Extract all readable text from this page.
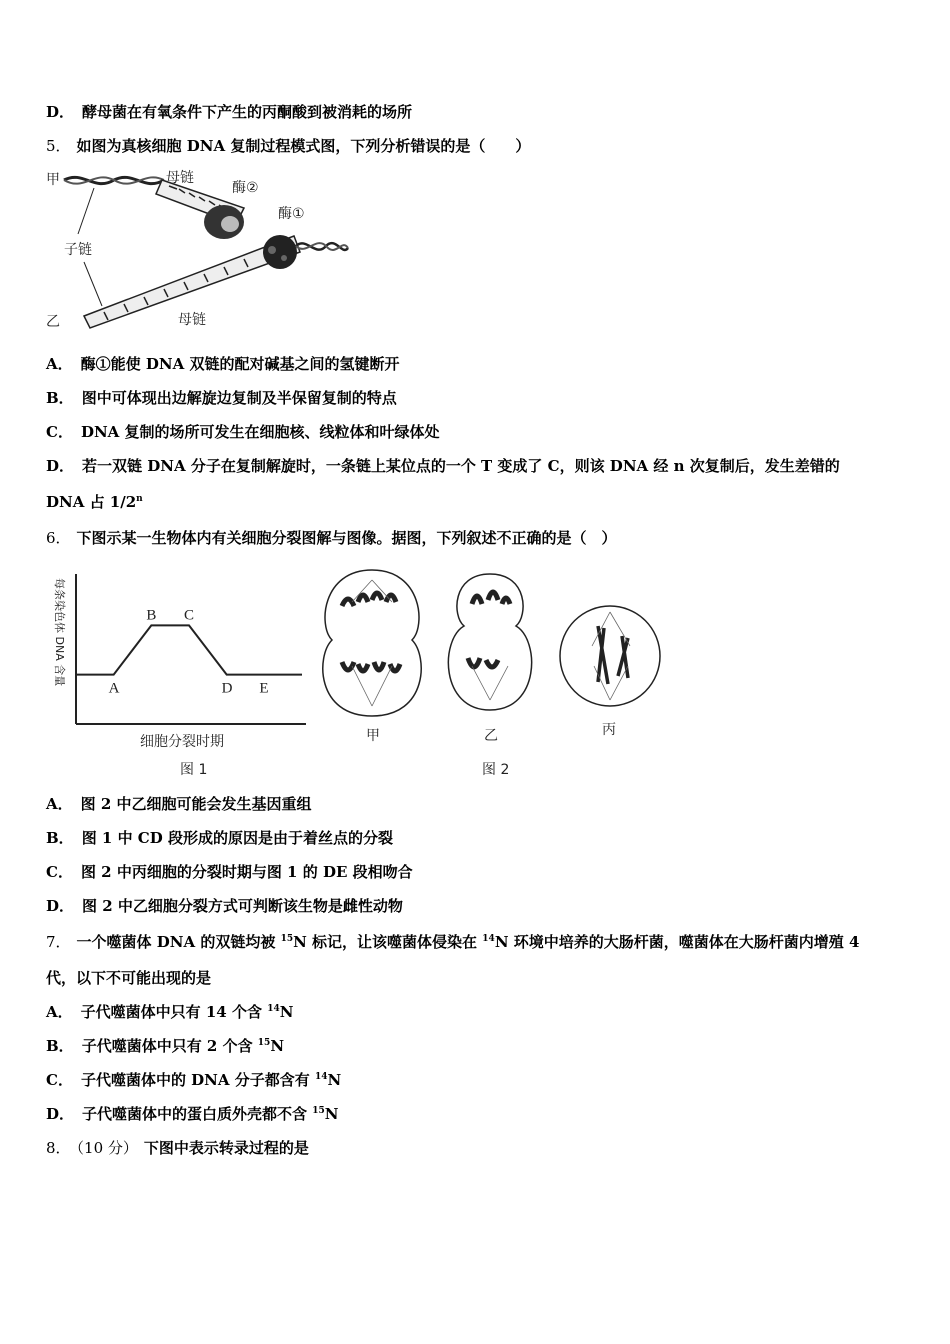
D． 酵母菌在有氧条件下产生的丙酮酸到被消耗的场所
5． 如图为真核细胞 DNA 复制过程模式图，下列分析错误的是（　　）
甲
乙
母链
母链
子链
酶②
酶①
A． 酶①能使 DNA 双链的配对碱基之间的氢键断开
B． 图中可体现出边解旋边复制及半保留复制的特点
C． DNA 复制的场所可发生在细胞核、线粒体和叶绿体处
D． 若一双链 DNA 分子在复制解旋时，一条链上某位点的一个 T 变成了 C，则该 DNA 经 n 次复制后，发生差错的
DNA 占 1/2$^n$
6． 下图示某一生物体内有关细胞分裂图解与图像。据图，下列叙述不正确的是（　）
A
B C
D E
每条染色体 DNA 含量
细胞分裂时期
图 1
甲	乙	丙
图 2
A． 图 2 中乙细胞可能会发生基因重组
B． 图 1 中 CD 段形成的原因是由于着丝点的分裂
C． 图 2 中丙细胞的分裂时期与图 1 的 DE 段相吻合
D． 图 2 中乙细胞分裂方式可判断该生物是雌性动物
7． 一个噬菌体 DNA 的双链均被 $^{15}$N 标记，让该噬菌体侵染在 $^{14}$N 环境中培养的大肠杆菌，噬菌体在大肠杆菌内增殖 4
代，以下不可能出现的是
A． 子代噬菌体中只有 14 个含 $^{14}$N
B． 子代噬菌体中只有 2 个含 $^{15}$N
C． 子代噬菌体中的 DNA 分子都含有 $^{14}$N
D． 子代噬菌体中的蛋白质外壳都不含 $^{15}$N
8． （10 分） 下图中表示转录过程的是
